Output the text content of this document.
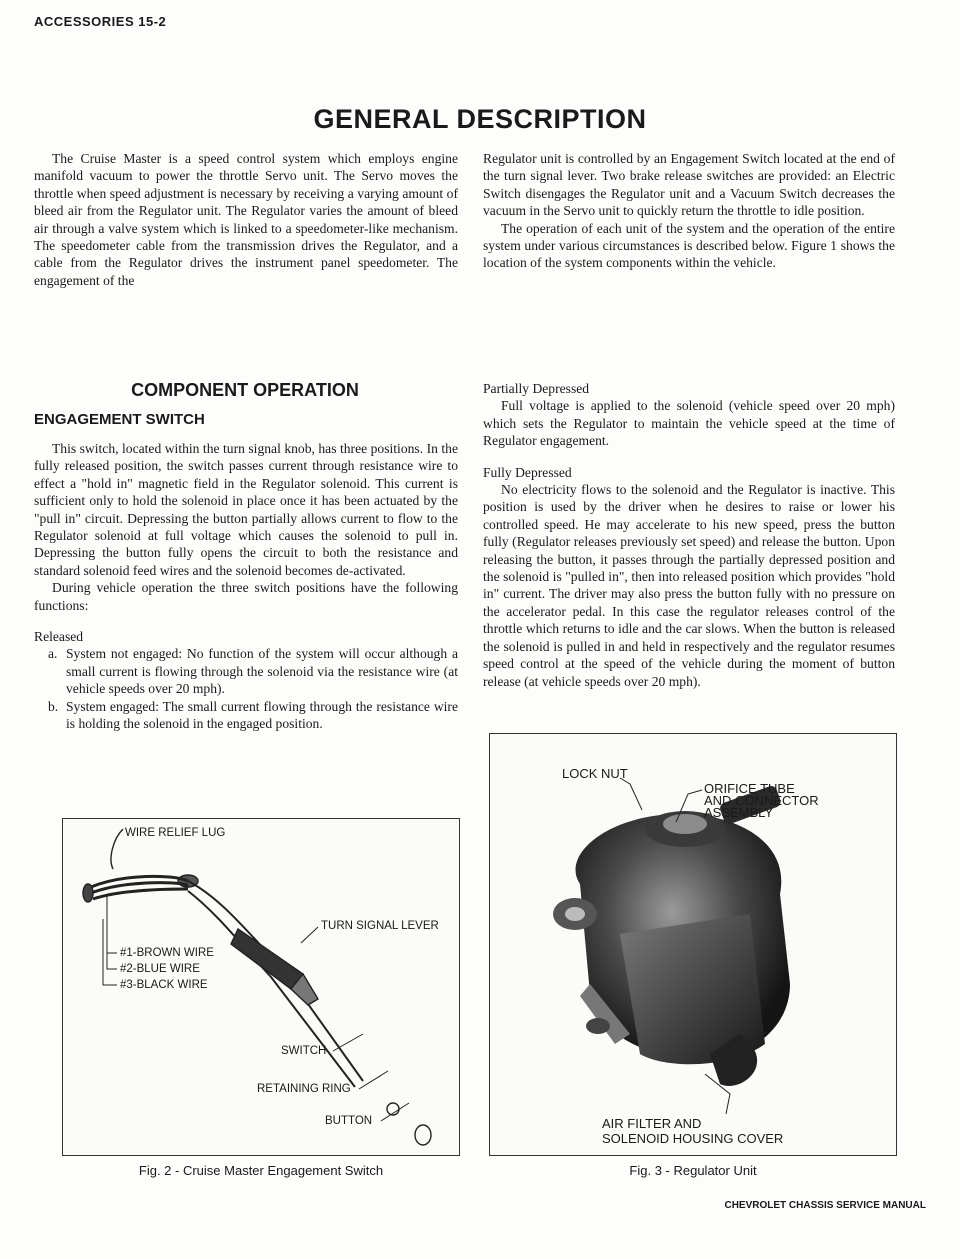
ACCESSORIES 15-2
GENERAL DESCRIPTION

The Cruise Master is a speed control system which employs engine manifold vacuum to power the throttle Servo unit. The Servo moves the throttle when speed adjustment is necessary by receiving a varying amount of bleed air from the Regulator unit. The Regulator varies the amount of bleed air through a valve system which is linked to a speedometer-like mechanism. The speedometer cable from the transmission drives the Regulator, and a cable from the Regulator drives the instrument panel speedometer. The engagement of the

Regulator unit is controlled by an Engagement Switch located at the end of the turn signal lever. Two brake release switches are provided: an Electric Switch disengages the Regulator unit and a Vacuum Switch decreases the vacuum in the Servo unit to quickly return the throttle to idle position.

The operation of each unit of the system and the operation of the entire system under various circumstances is described below. Figure 1 shows the location of the system components within the vehicle.

COMPONENT OPERATION
ENGAGEMENT SWITCH

This switch, located within the turn signal knob, has three positions. In the fully released position, the switch passes current through resistance wire to effect a "hold in" magnetic field in the Regulator solenoid. This current is sufficient only to hold the solenoid in place once it has been actuated by the "pull in" circuit. Depressing the button partially allows current to flow to the Regulator solenoid at full voltage which causes the solenoid to pull in. Depressing the button fully opens the circuit to both the resistance and standard solenoid feed wires and the solenoid becomes de-activated.

During vehicle operation the three switch positions have the following functions:

Released

a. System not engaged: No function of the system will occur although a small current is flowing through the solenoid via the resistance wire (at vehicle speeds over 20 mph).
b. System engaged: The small current flowing through the resistance wire is holding the solenoid in the engaged position.

Partially Depressed

Full voltage is applied to the solenoid (vehicle speed over 20 mph) which sets the Regulator to maintain the vehicle speed at the time of Regulator engagement.

Fully Depressed

No electricity flows to the solenoid and the Regulator is inactive. This position is used by the driver when he desires to raise or lower his controlled speed. He may accelerate to his new speed, press the button fully (Regulator releases previously set speed) and release the button. Upon releasing the button, it passes through the partially depressed position and the solenoid is "pulled in", then into released position which provides "hold in" current. The driver may also press the button fully with no pressure on the accelerator pedal. In this case the regulator releases control of the throttle which returns to idle and the car slows. When the button is released the solenoid is pulled in and held in respectively and the regulator resumes speed control at the speed of the vehicle during the moment of button release (at vehicle speeds over 20 mph).

WIRE RELIEF LUG
#1-BROWN WIRE
#2-BLUE WIRE
#3-BLACK WIRE
TURN SIGNAL LEVER
SWITCH
RETAINING RING
BUTTON
Fig. 2 - Cruise Master Engagement Switch
LOCK NUT
ORIFICE TUBE
AND CONNECTOR
ASSEMBLY
AIR FILTER AND
SOLENOID HOUSING COVER
Fig. 3 - Regulator Unit
CHEVROLET CHASSIS SERVICE MANUAL
